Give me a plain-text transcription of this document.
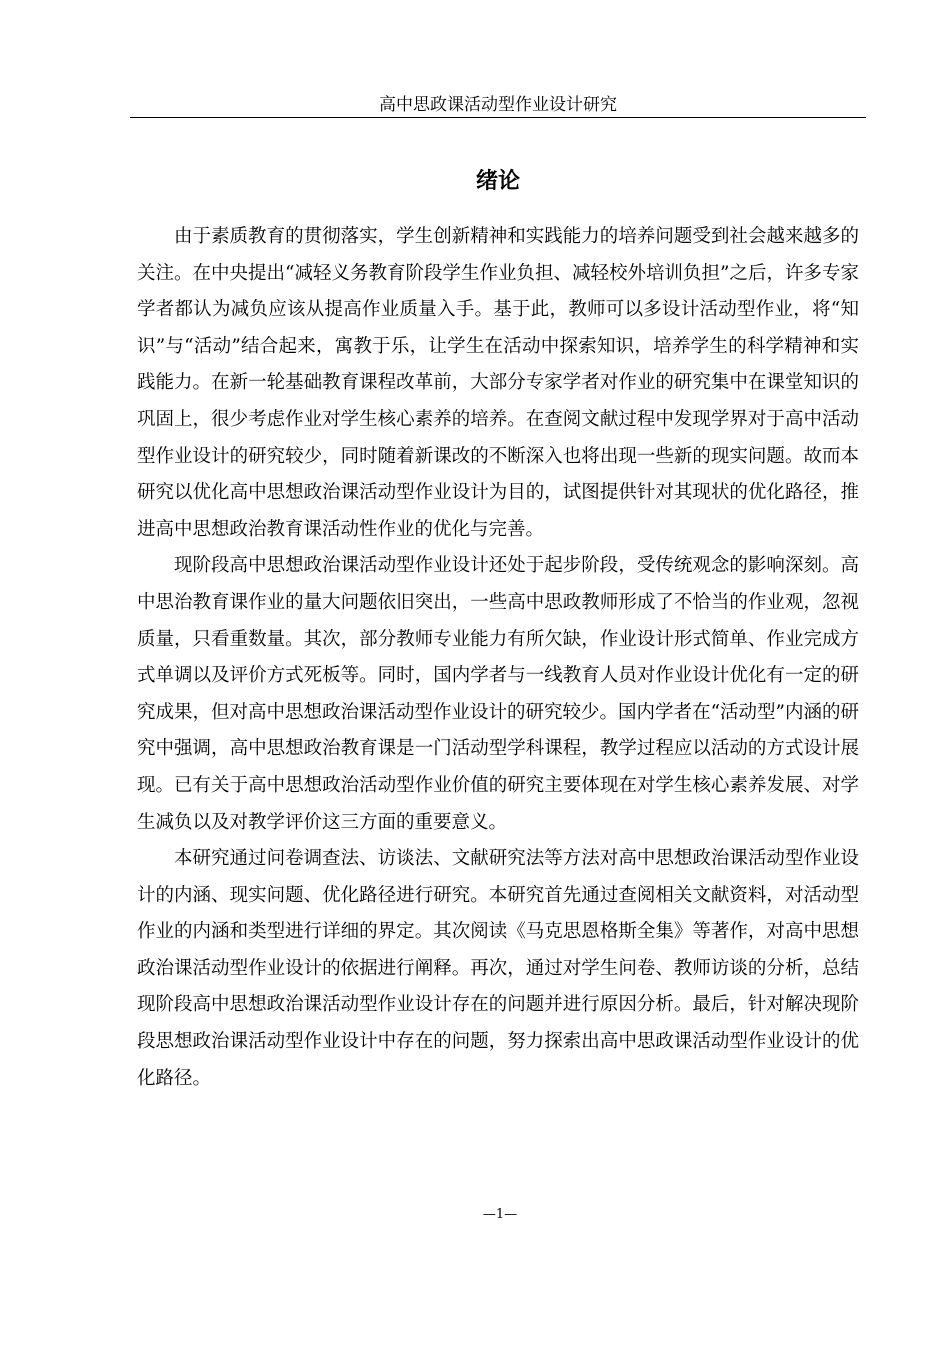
高中思政课活动型作业设计研究
绪论

由于素质教育的贯彻落实，学生创新精神和实践能力的培养问题受到社会越来越多的关注。在中央提出“减轻义务教育阶段学生作业负担、减轻校外培训负担”之后，许多专家学者都认为减负应该从提高作业质量入手。基于此，教师可以多设计活动型作业，将“知识”与“活动”结合起来，寓教于乐，让学生在活动中探索知识，培养学生的科学精神和实践能力。在新一轮基础教育课程改革前，大部分专家学者对作业的研究集中在课堂知识的巩固上，很少考虑作业对学生核心素养的培养。在查阅文献过程中发现学界对于高中活动型作业设计的研究较少，同时随着新课改的不断深入也将出现一些新的现实问题。故而本研究以优化高中思想政治课活动型作业设计为目的，试图提供针对其现状的优化路径，推进高中思想政治教育课活动性作业的优化与完善。

现阶段高中思想政治课活动型作业设计还处于起步阶段，受传统观念的影响深刻。高中思治教育课作业的量大问题依旧突出，一些高中思政教师形成了不恰当的作业观，忽视质量，只看重数量。其次，部分教师专业能力有所欠缺，作业设计形式简单、作业完成方式单调以及评价方式死板等。同时，国内学者与一线教育人员对作业设计优化有一定的研究成果，但对高中思想政治课活动型作业设计的研究较少。国内学者在“活动型”内涵的研究中强调，高中思想政治教育课是一门活动型学科课程，教学过程应以活动的方式设计展现。已有关于高中思想政治活动型作业价值的研究主要体现在对学生核心素养发展、对学生减负以及对教学评价这三方面的重要意义。

本研究通过问卷调查法、访谈法、文献研究法等方法对高中思想政治课活动型作业设计的内涵、现实问题、优化路径进行研究。本研究首先通过查阅相关文献资料，对活动型作业的内涵和类型进行详细的界定。其次阅读《马克思恩格斯全集》等著作，对高中思想政治课活动型作业设计的依据进行阐释。再次，通过对学生问卷、教师访谈的分析，总结现阶段高中思想政治课活动型作业设计存在的问题并进行原因分析。最后，针对解决现阶段思想政治课活动型作业设计中存在的问题，努力探索出高中思政课活动型作业设计的优化路径。

—1—
